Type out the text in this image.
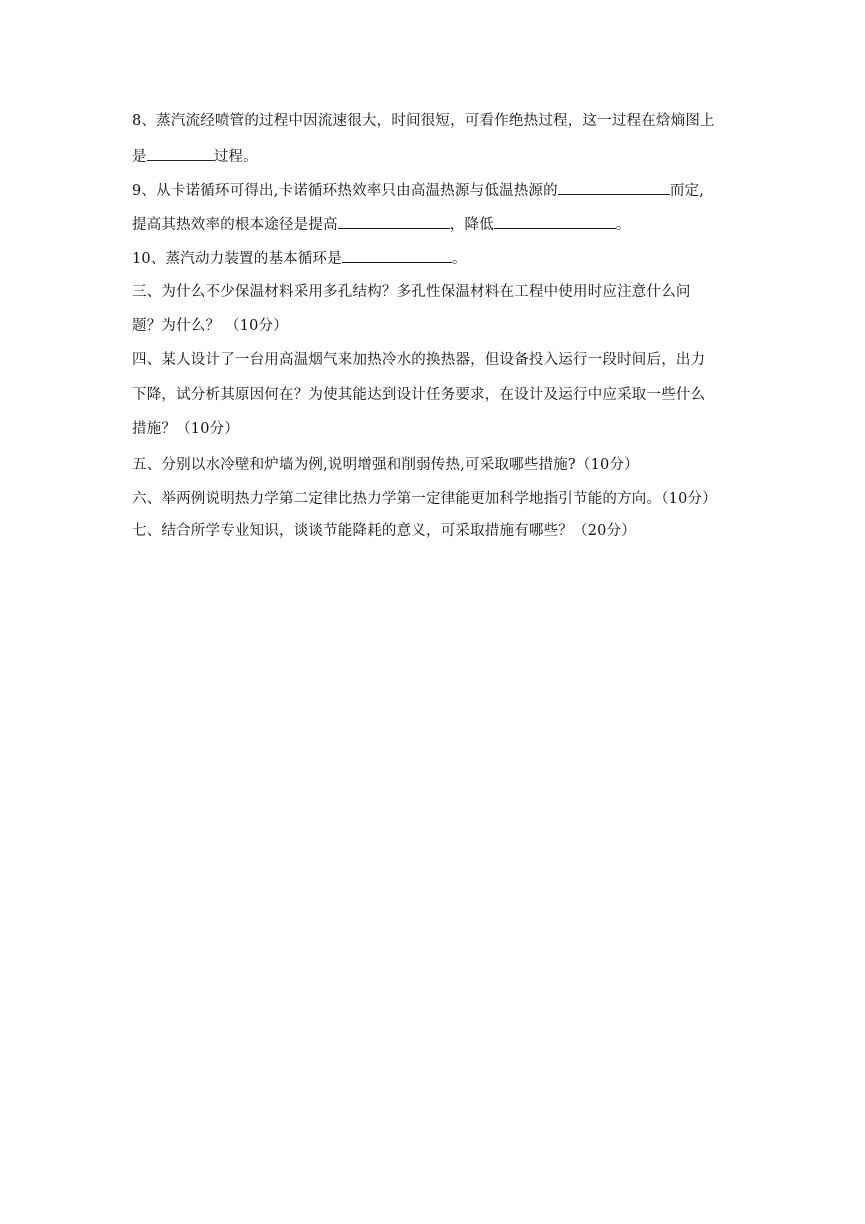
8、蒸汽流经喷管的过程中因流速很大，时间很短，可看作绝热过程，这一过程在焓熵图上
是	过程。
9、从卡诺循环可得出,卡诺循环热效率只由高温热源与低温热源的	而定,
提高其热效率的根本途径是提高	，降低	。
10、蒸汽动力装置的基本循环是	。
三、为什么不少保温材料采用多孔结构？多孔性保温材料在工程中使用时应注意什么问
题？为什么？ （10分）
四、某人设计了一台用高温烟气来加热冷水的换热器，但设备投入运行一段时间后，出力
下降，试分析其原因何在？为使其能达到设计任务要求，在设计及运行中应采取一些什么
措施？（10分）
五、分别以水冷壁和炉墙为例,说明增强和削弱传热,可采取哪些措施?（10分）
六、举两例说明热力学第二定律比热力学第一定律能更加科学地指引节能的方向。（10分）
七、结合所学专业知识，谈谈节能降耗的意义，可采取措施有哪些？（20分）
